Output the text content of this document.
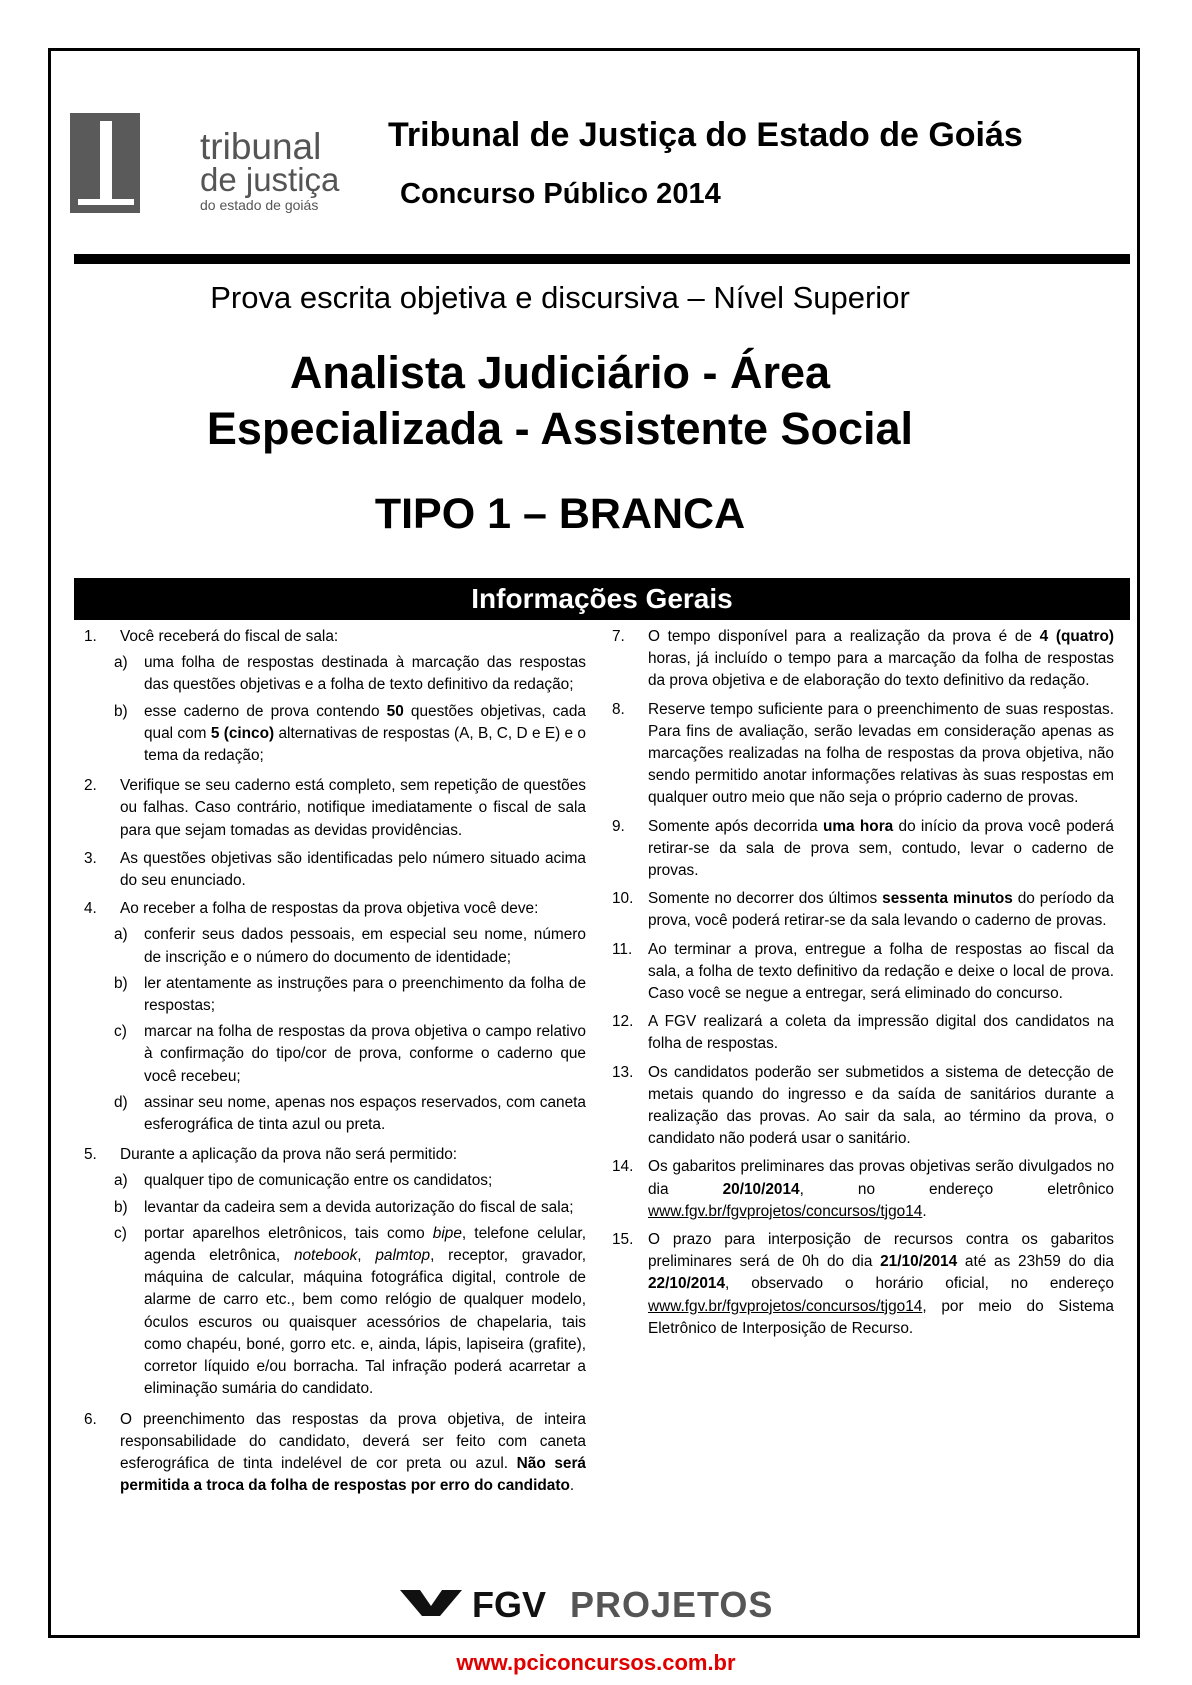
tribunal
de justiça
do estado de goiás
Tribunal de Justiça do Estado de Goiás
Concurso Público 2014
Prova escrita objetiva e discursiva – Nível Superior
Analista Judiciário - Área
Especializada - Assistente Social
TIPO 1 – BRANCA
Informações Gerais
1.	Você receberá do fiscal de sala:
a)	uma folha de respostas destinada à marcação das respostas das questões objetivas e a folha de texto definitivo da redação;
b)	esse caderno de prova contendo 50 questões objetivas, cada qual com 5 (cinco) alternativas de respostas (A, B, C, D e E) e o tema da redação;
2.	Verifique se seu caderno está completo, sem repetição de questões ou falhas. Caso contrário, notifique imediatamente o fiscal de sala para que sejam tomadas as devidas providências.
3.	As questões objetivas são identificadas pelo número situado acima do seu enunciado.
4.	Ao receber a folha de respostas da prova objetiva você deve:
a)	conferir seus dados pessoais, em especial seu nome, número de inscrição e o número do documento de identidade;
b)	ler atentamente as instruções para o preenchimento da folha de respostas;
c)	marcar na folha de respostas da prova objetiva o campo relativo à confirmação do tipo/cor de prova, conforme o caderno que você recebeu;
d)	assinar seu nome, apenas nos espaços reservados, com caneta esferográfica de tinta azul ou preta.
5.	Durante a aplicação da prova não será permitido:
a)	qualquer tipo de comunicação entre os candidatos;
b)	levantar da cadeira sem a devida autorização do fiscal de sala;
c)	portar aparelhos eletrônicos, tais como bipe, telefone celular, agenda eletrônica, notebook, palmtop, receptor, gravador, máquina de calcular, máquina fotográfica digital, controle de alarme de carro etc., bem como relógio de qualquer modelo, óculos escuros ou quaisquer acessórios de chapelaria, tais como chapéu, boné, gorro etc. e, ainda, lápis, lapiseira (grafite), corretor líquido e/ou borracha. Tal infração poderá acarretar a eliminação sumária do candidato.
6.	O preenchimento das respostas da prova objetiva, de inteira responsabilidade do candidato, deverá ser feito com caneta esferográfica de tinta indelével de cor preta ou azul. Não será permitida a troca da folha de respostas por erro do candidato.
7.	O tempo disponível para a realização da prova é de 4 (quatro) horas, já incluído o tempo para a marcação da folha de respostas da prova objetiva e de elaboração do texto definitivo da redação.
8.	Reserve tempo suficiente para o preenchimento de suas respostas. Para fins de avaliação, serão levadas em consideração apenas as marcações realizadas na folha de respostas da prova objetiva, não sendo permitido anotar informações relativas às suas respostas em qualquer outro meio que não seja o próprio caderno de provas.
9.	Somente após decorrida uma hora do início da prova você poderá retirar-se da sala de prova sem, contudo, levar o caderno de provas.
10. Somente no decorrer dos últimos sessenta minutos do período da prova, você poderá retirar-se da sala levando o caderno de provas.
11.	Ao terminar a prova, entregue a folha de respostas ao fiscal da sala, a folha de texto definitivo da redação e deixe o local de prova. Caso você se negue a entregar, será eliminado do concurso.
12. A FGV realizará a coleta da impressão digital dos candidatos na folha de respostas.
13. Os candidatos poderão ser submetidos a sistema de detecção de metais quando do ingresso e da saída de sanitários durante a realização das provas. Ao sair da sala, ao término da prova, o candidato não poderá usar o sanitário.
14. Os gabaritos preliminares das provas objetivas serão divulgados no dia 20/10/2014, no endereço eletrônico www.fgv.br/fgvprojetos/concursos/tjgo14.
15. O prazo para interposição de recursos contra os gabaritos preliminares será de 0h do dia 21/10/2014 até as 23h59 do dia 22/10/2014, observado o horário oficial, no endereço www.fgv.br/fgvprojetos/concursos/tjgo14, por meio do Sistema Eletrônico de Interposição de Recurso.
FGV PROJETOS
www.pciconcursos.com.br
